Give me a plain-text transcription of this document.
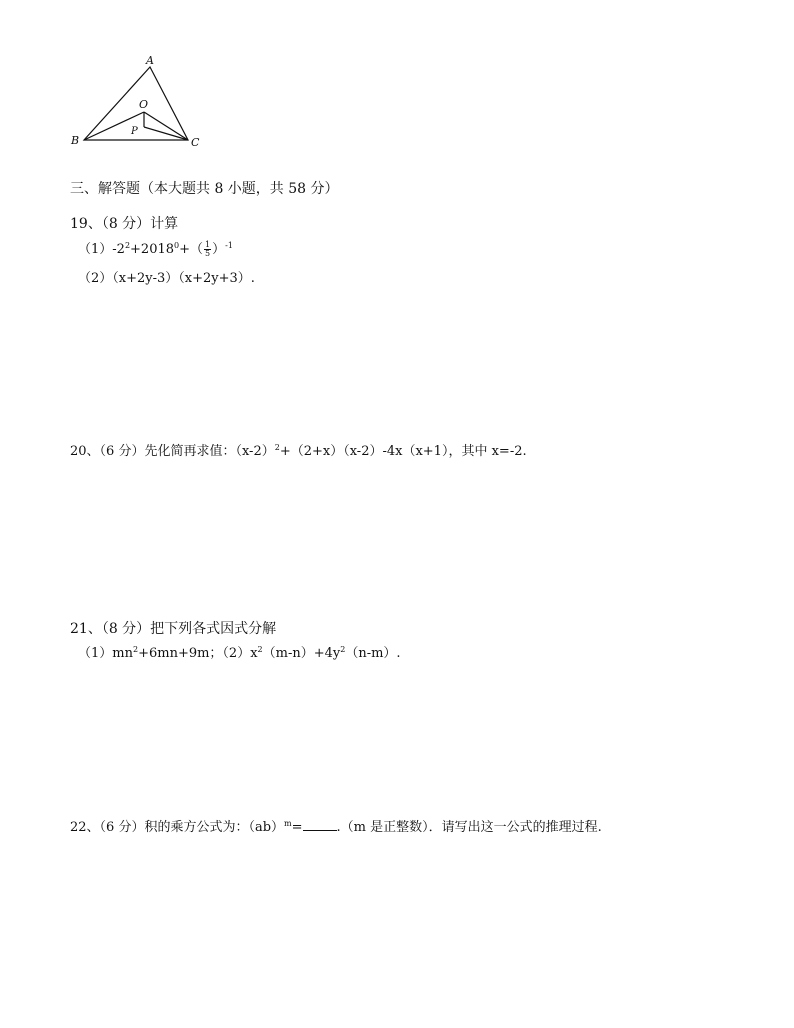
A
B	C
O
P
三、解答题（本大题共 8 小题，共 58 分）
19、（8 分）计算
$(1)-2^2+2018^0+( \frac{1}{5} )^{-1}$
（2）（x+2y-3）（x+2y+3）.
20、（6 分）先化简再求值：$(x-2)^2+(2+x)(x-2)-4x(x+1)$，其中 x=-2.
21、（8 分）把下列各式因式分解
$(1)mn^2+6mn+9m$；$(2)x^2(m-n)+4y^2(n-m)$.
22、（6 分）积的乘方公式为：（ab）$^m$=	.（m 是正整数）．请写出这一公式的推理过程.
